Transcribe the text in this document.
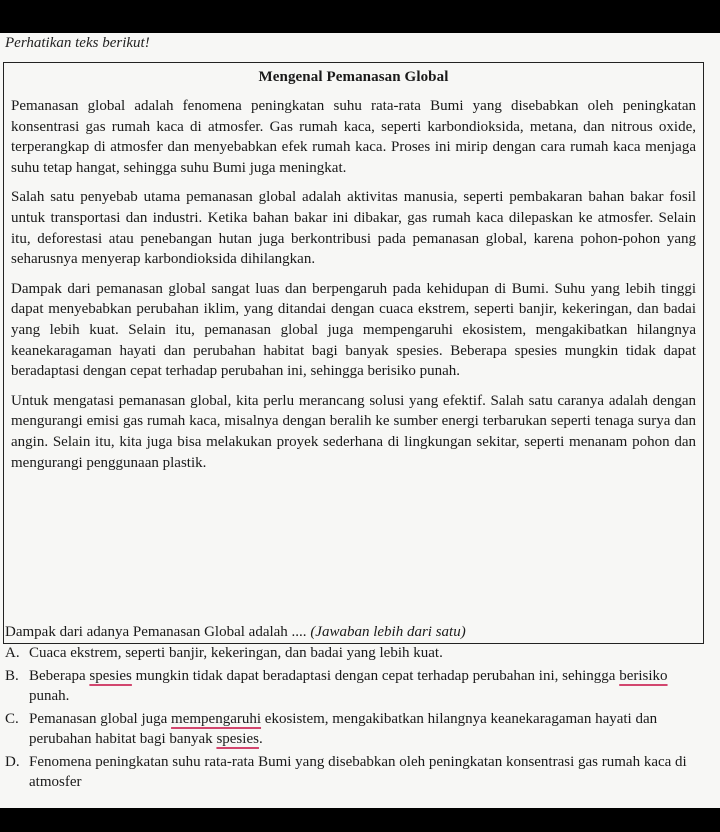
Perhatikan teks berikut!
Mengenal Pemanasan Global

Pemanasan global adalah fenomena peningkatan suhu rata-rata Bumi yang disebabkan oleh peningkatan konsentrasi gas rumah kaca di atmosfer. Gas rumah kaca, seperti karbondioksida, metana, dan nitrous oxide, terperangkap di atmosfer dan menyebabkan efek rumah kaca. Proses ini mirip dengan cara rumah kaca menjaga suhu tetap hangat, sehingga suhu Bumi juga meningkat.

Salah satu penyebab utama pemanasan global adalah aktivitas manusia, seperti pembakaran bahan bakar fosil untuk transportasi dan industri. Ketika bahan bakar ini dibakar, gas rumah kaca dilepaskan ke atmosfer. Selain itu, deforestasi atau penebangan hutan juga berkontribusi pada pemanasan global, karena pohon-pohon yang seharusnya menyerap karbondioksida dihilangkan.

Dampak dari pemanasan global sangat luas dan berpengaruh pada kehidupan di Bumi. Suhu yang lebih tinggi dapat menyebabkan perubahan iklim, yang ditandai dengan cuaca ekstrem, seperti banjir, kekeringan, dan badai yang lebih kuat. Selain itu, pemanasan global juga mempengaruhi ekosistem, mengakibatkan hilangnya keanekaragaman hayati dan perubahan habitat bagi banyak spesies. Beberapa spesies mungkin tidak dapat beradaptasi dengan cepat terhadap perubahan ini, sehingga berisiko punah.

Untuk mengatasi pemanasan global, kita perlu merancang solusi yang efektif. Salah satu caranya adalah dengan mengurangi emisi gas rumah kaca, misalnya dengan beralih ke sumber energi terbarukan seperti tenaga surya dan angin. Selain itu, kita juga bisa melakukan proyek sederhana di lingkungan sekitar, seperti menanam pohon dan mengurangi penggunaan plastik.

Dampak dari adanya Pemanasan Global adalah .... (Jawaban lebih dari satu)
A. Cuaca ekstrem, seperti banjir, kekeringan, dan badai yang lebih kuat.
B. Beberapa spesies mungkin tidak dapat beradaptasi dengan cepat terhadap perubahan ini, sehingga berisiko punah.
C. Pemanasan global juga mempengaruhi ekosistem, mengakibatkan hilangnya keanekaragaman hayati dan perubahan habitat bagi banyak spesies.
D. Fenomena peningkatan suhu rata-rata Bumi yang disebabkan oleh peningkatan konsentrasi gas rumah kaca di atmosfer
